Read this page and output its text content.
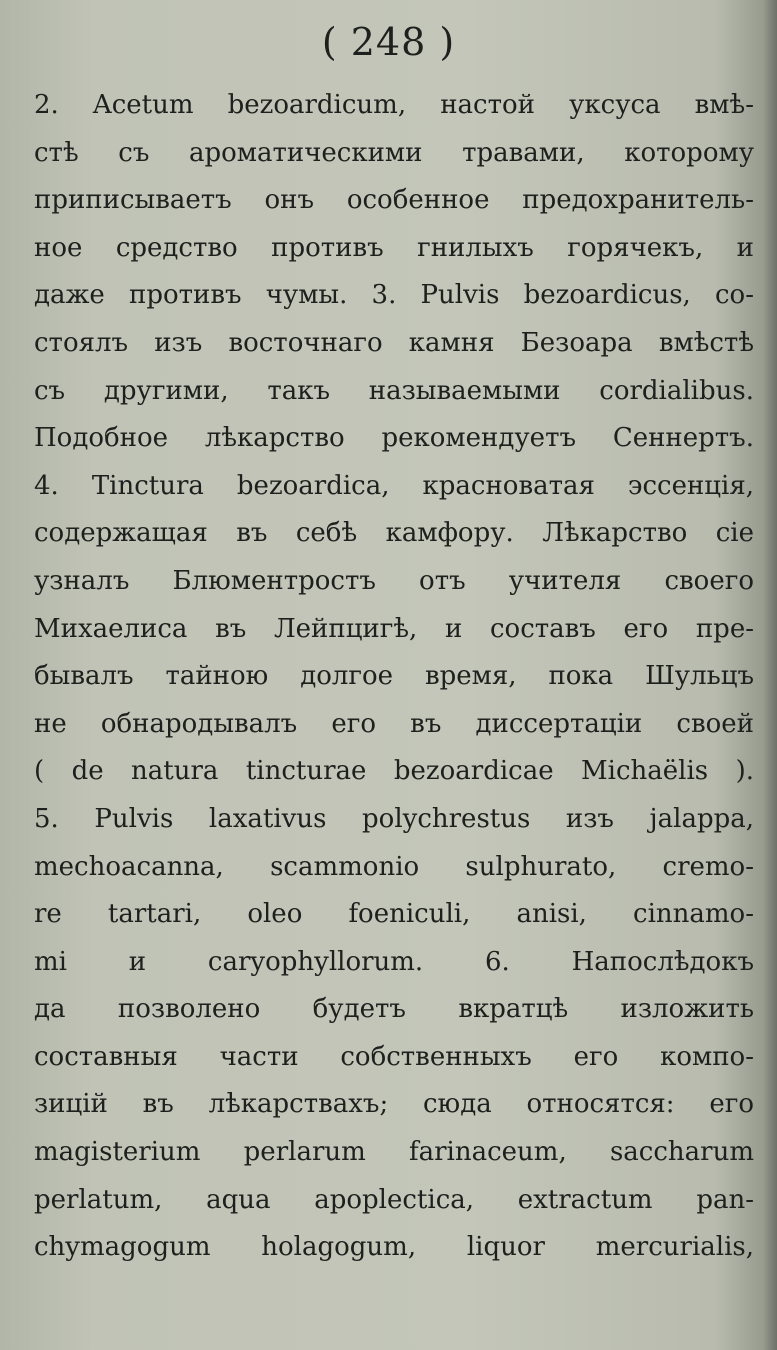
( 248 )
2. Acetum bezoardicum, настой уксуса вмѣ-
стѣ съ ароматическими травами, которому
приписываетъ онъ особенное предохранитель-
ное средство противъ гнилыхъ горячекъ, и
даже противъ чумы. 3. Pulvis bezoardicus, со-
стоялъ изъ восточнаго камня Безоара вмѣстѣ
съ другими, такъ называемыми cordialibus.
Подобное лѣкарство рекомендуетъ Сеннертъ.
4. Tinctura bezoardica, красноватая эссенція,
содержащая въ себѣ камфору. Лѣкарство сіе
узналъ Блюментростъ отъ учителя своего
Михаелиса въ Лейпцигѣ, и составъ его пре-
бывалъ тайною долгое время, пока Шульцъ
не обнародывалъ его въ диссертаціи своей
( de natura tincturae bezoardicae Michaëlis ).
5. Pulvis laxativus polychrestus изъ jalappa,
mechoacanna, scammonio sulphurato, cremo-
re tartari, oleo foeniculi, anisi, cinnamo-
mi и caryophyllorum. 6. Напослѣдокъ
да позволено будетъ вкратцѣ изложить
составныя части собственныхъ его компо-
зицій въ лѣкарствахъ; сюда относятся: его
magisterium perlarum farinaceum, saccharum
perlatum, aqua apoplectica, extractum pan-
chymagogum holagogum, liquor mercurialis,
